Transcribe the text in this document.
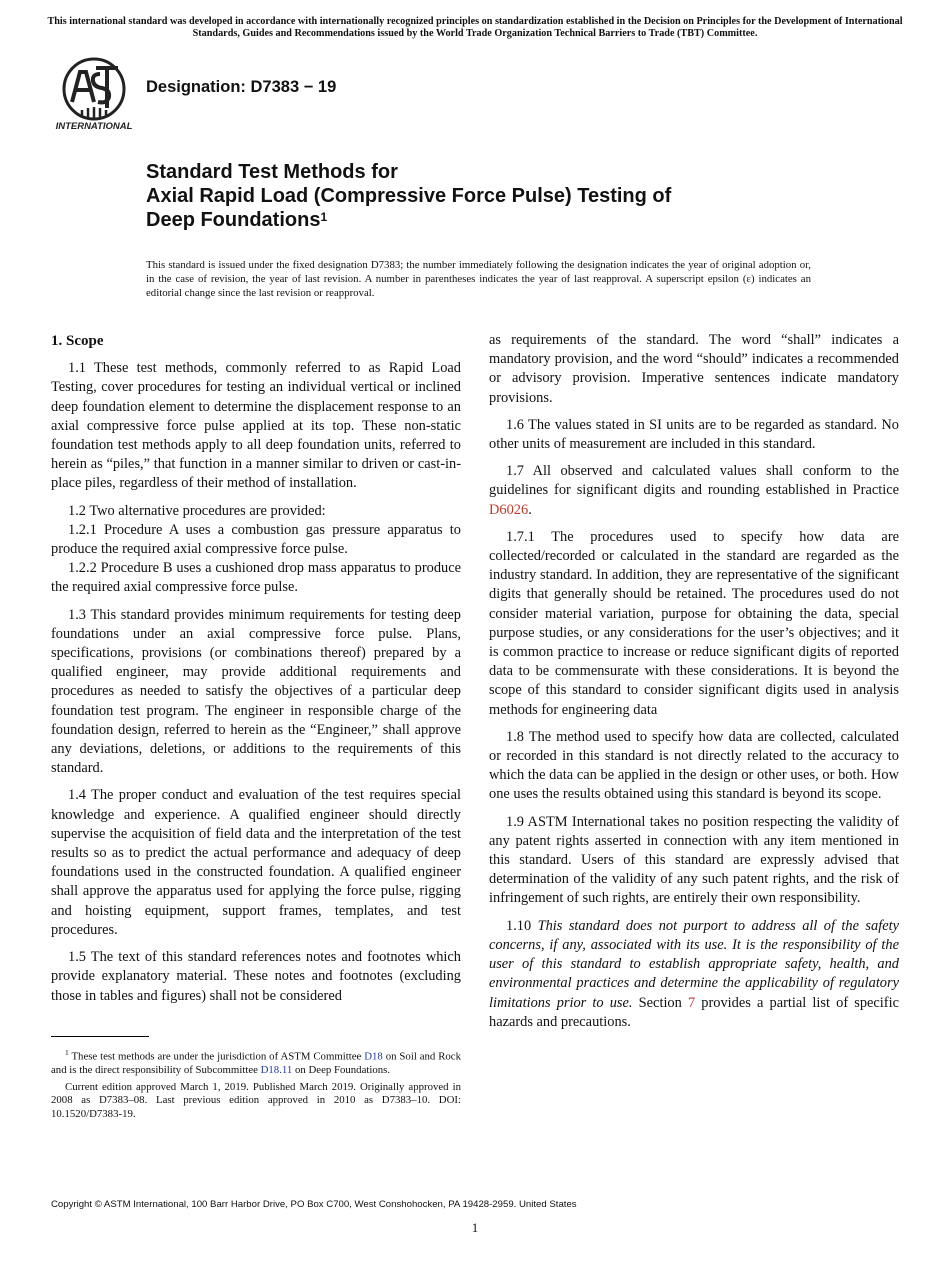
This international standard was developed in accordance with internationally recognized principles on standardization established in the Decision on Principles for the Development of International Standards, Guides and Recommendations issued by the World Trade Organization Technical Barriers to Trade (TBT) Committee.
INTERNATIONAL
Designation: D7383 − 19
Standard Test Methods for
Axial Rapid Load (Compressive Force Pulse) Testing of
Deep Foundations$^1$
This standard is issued under the fixed designation D7383; the number immediately following the designation indicates the year of original adoption or, in the case of revision, the year of last revision. A number in parentheses indicates the year of last reapproval. A superscript epsilon (ε) indicates an editorial change since the last revision or reapproval.

1. Scope

1.1 These test methods, commonly referred to as Rapid Load Testing, cover procedures for testing an individual vertical or inclined deep foundation element to determine the displacement response to an axial compressive force pulse applied at its top. These non-static foundation test methods apply to all deep foundation units, referred to herein as “piles,” that function in a manner similar to driven or cast-in-place piles, regardless of their method of installation.

1.2 Two alternative procedures are provided:

1.2.1 Procedure A uses a combustion gas pressure apparatus to produce the required axial compressive force pulse.

1.2.2 Procedure B uses a cushioned drop mass apparatus to produce the required axial compressive force pulse.

1.3 This standard provides minimum requirements for testing deep foundations under an axial compressive force pulse. Plans, specifications, provisions (or combinations thereof) prepared by a qualified engineer, may provide additional requirements and procedures as needed to satisfy the objectives of a particular deep foundation test program. The engineer in responsible charge of the foundation design, referred to herein as the “Engineer,” shall approve any deviations, deletions, or additions to the requirements of this standard.

1.4 The proper conduct and evaluation of the test requires special knowledge and experience. A qualified engineer should directly supervise the acquisition of field data and the interpretation of the test results so as to predict the actual performance and adequacy of deep foundations used in the constructed foundation. A qualified engineer shall approve the apparatus used for applying the force pulse, rigging and hoisting equipment, support frames, templates, and test procedures.

1.5 The text of this standard references notes and footnotes which provide explanatory material. These notes and footnotes (excluding those in tables and figures) shall not be considered

$^1$ These test methods are under the jurisdiction of ASTM Committee D18 on Soil and Rock and is the direct responsibility of Subcommittee D18.11 on Deep Foundations.

Current edition approved March 1, 2019. Published March 2019. Originally approved in 2008 as D7383–08. Last previous edition approved in 2010 as D7383–10. DOI: 10.1520/D7383-19.

as requirements of the standard. The word “shall” indicates a mandatory provision, and the word “should” indicates a recommended or advisory provision. Imperative sentences indicate mandatory provisions.

1.6 The values stated in SI units are to be regarded as standard. No other units of measurement are included in this standard.

1.7 All observed and calculated values shall conform to the guidelines for significant digits and rounding established in Practice D6026.

1.7.1 The procedures used to specify how data are collected/recorded or calculated in the standard are regarded as the industry standard. In addition, they are representative of the significant digits that generally should be retained. The procedures used do not consider material variation, purpose for obtaining the data, special purpose studies, or any considerations for the user’s objectives; and it is common practice to increase or reduce significant digits of reported data to be commensurate with these considerations. It is beyond the scope of this standard to consider significant digits used in analysis methods for engineering data

1.8 The method used to specify how data are collected, calculated or recorded in this standard is not directly related to the accuracy to which the data can be applied in the design or other uses, or both. How one uses the results obtained using this standard is beyond its scope.

1.9 ASTM International takes no position respecting the validity of any patent rights asserted in connection with any item mentioned in this standard. Users of this standard are expressly advised that determination of the validity of any such patent rights, and the risk of infringement of such rights, are entirely their own responsibility.

1.10 This standard does not purport to address all of the safety concerns, if any, associated with its use. It is the responsibility of the user of this standard to establish appropriate safety, health, and environmental practices and determine the applicability of regulatory limitations prior to use. Section 7 provides a partial list of specific hazards and precautions.

Copyright © ASTM International, 100 Barr Harbor Drive, PO Box C700, West Conshohocken, PA 19428-2959. United States
1
